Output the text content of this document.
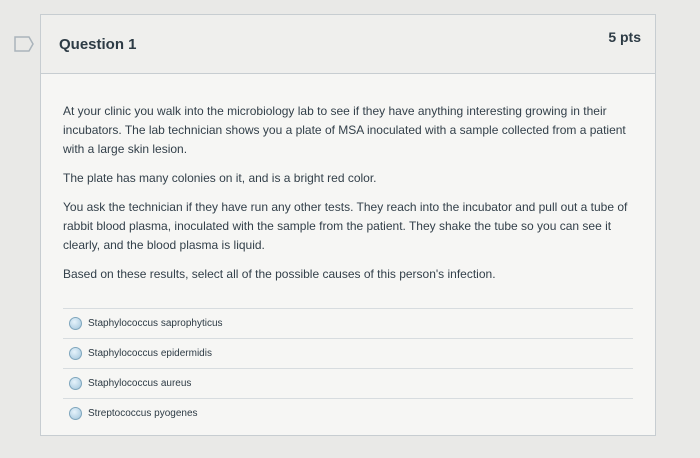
Question 1	5 pts

At your clinic you walk into the microbiology lab to see if they have anything interesting growing in their incubators. The lab technician shows you a plate of MSA inoculated with a sample collected from a patient with a large skin lesion.

The plate has many colonies on it, and is a bright red color.

You ask the technician if they have run any other tests. They reach into the incubator and pull out a tube of rabbit blood plasma, inoculated with the sample from the patient. They shake the tube so you can see it clearly, and the blood plasma is liquid.

Based on these results, select all of the possible causes of this person's infection.

Staphylococcus saprophyticus
Staphylococcus epidermidis
Staphylococcus aureus
Streptococcus pyogenes
